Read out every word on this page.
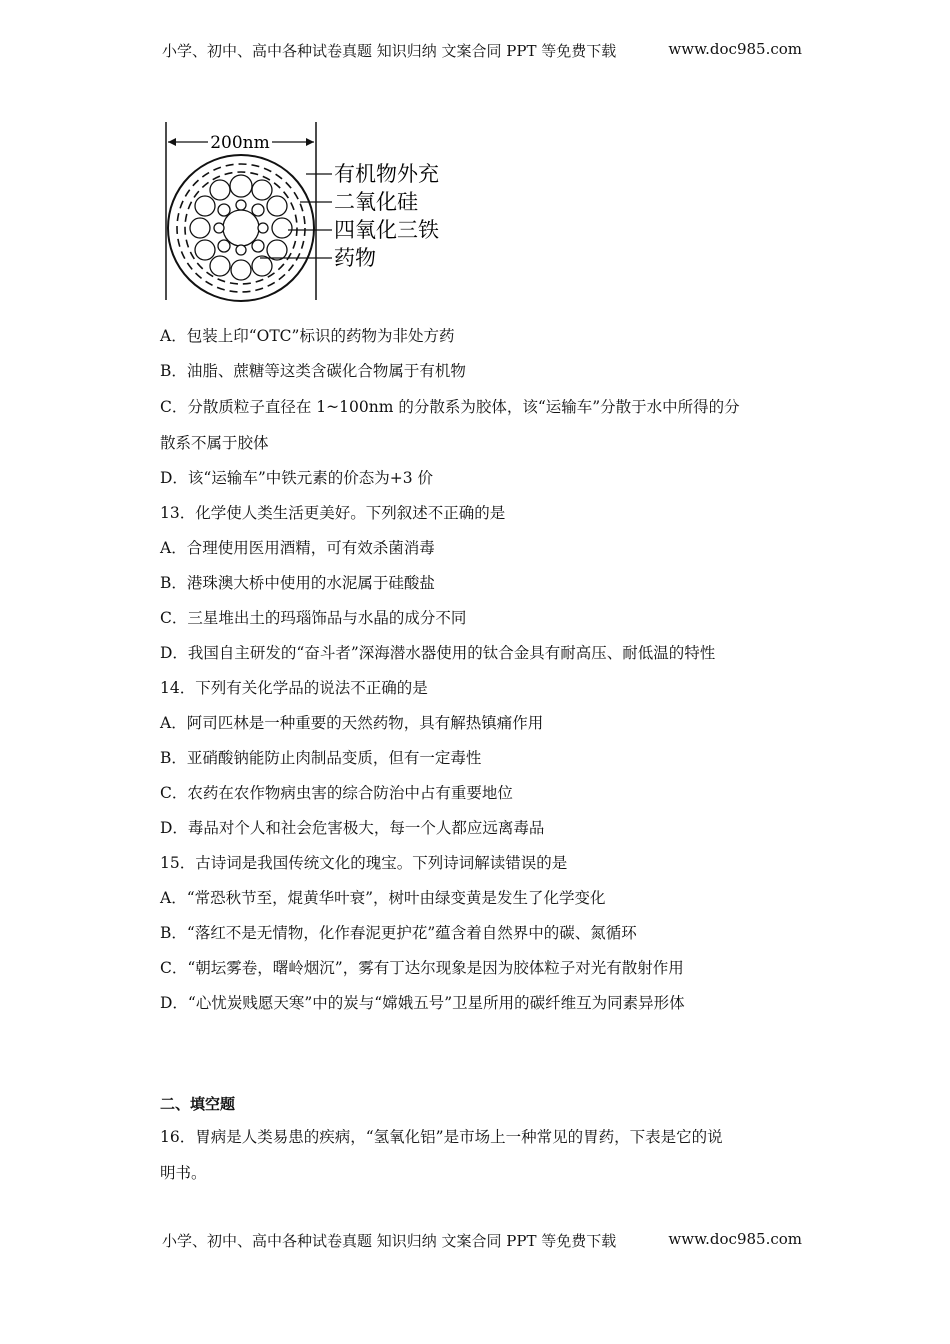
小学、初中、高中各种试卷真题 知识归纳 文案合同 PPT 等免费下载	www.doc985.com
200nm
有机物外充
二氧化硅
四氧化三铁
药物
A．包装上印“OTC”标识的药物为非处方药
B．油脂、蔗糖等这类含碳化合物属于有机物
C．分散质粒子直径在 1~100nm 的分散系为胶体，该“运输车”分散于水中所得的分
散系不属于胶体
D．该“运输车”中铁元素的价态为+3 价
13．化学使人类生活更美好。下列叙述不正确的是
A．合理使用医用酒精，可有效杀菌消毒
B．港珠澳大桥中使用的水泥属于硅酸盐
C．三星堆出土的玛瑙饰品与水晶的成分不同
D．我国自主研发的“奋斗者”深海潜水器使用的钛合金具有耐高压、耐低温的特性
14．下列有关化学品的说法不正确的是
A．阿司匹林是一种重要的天然药物，具有解热镇痛作用
B．亚硝酸钠能防止肉制品变质，但有一定毒性
C．农药在农作物病虫害的综合防治中占有重要地位
D．毒品对个人和社会危害极大，每一个人都应远离毒品
15．古诗词是我国传统文化的瑰宝。下列诗词解读错误的是
A．“常恐秋节至，焜黄华叶衰”，树叶由绿变黄是发生了化学变化
B．“落红不是无情物，化作春泥更护花”蕴含着自然界中的碳、氮循环
C．“朝坛雾卷，曙岭烟沉”，雾有丁达尔现象是因为胶体粒子对光有散射作用
D．“心忧炭贱愿天寒”中的炭与“嫦娥五号”卫星所用的碳纤维互为同素异形体
二、填空题
16．胃病是人类易患的疾病，“氢氧化铝”是市场上一种常见的胃药，下表是它的说
明书。
小学、初中、高中各种试卷真题 知识归纳 文案合同 PPT 等免费下载	www.doc985.com
